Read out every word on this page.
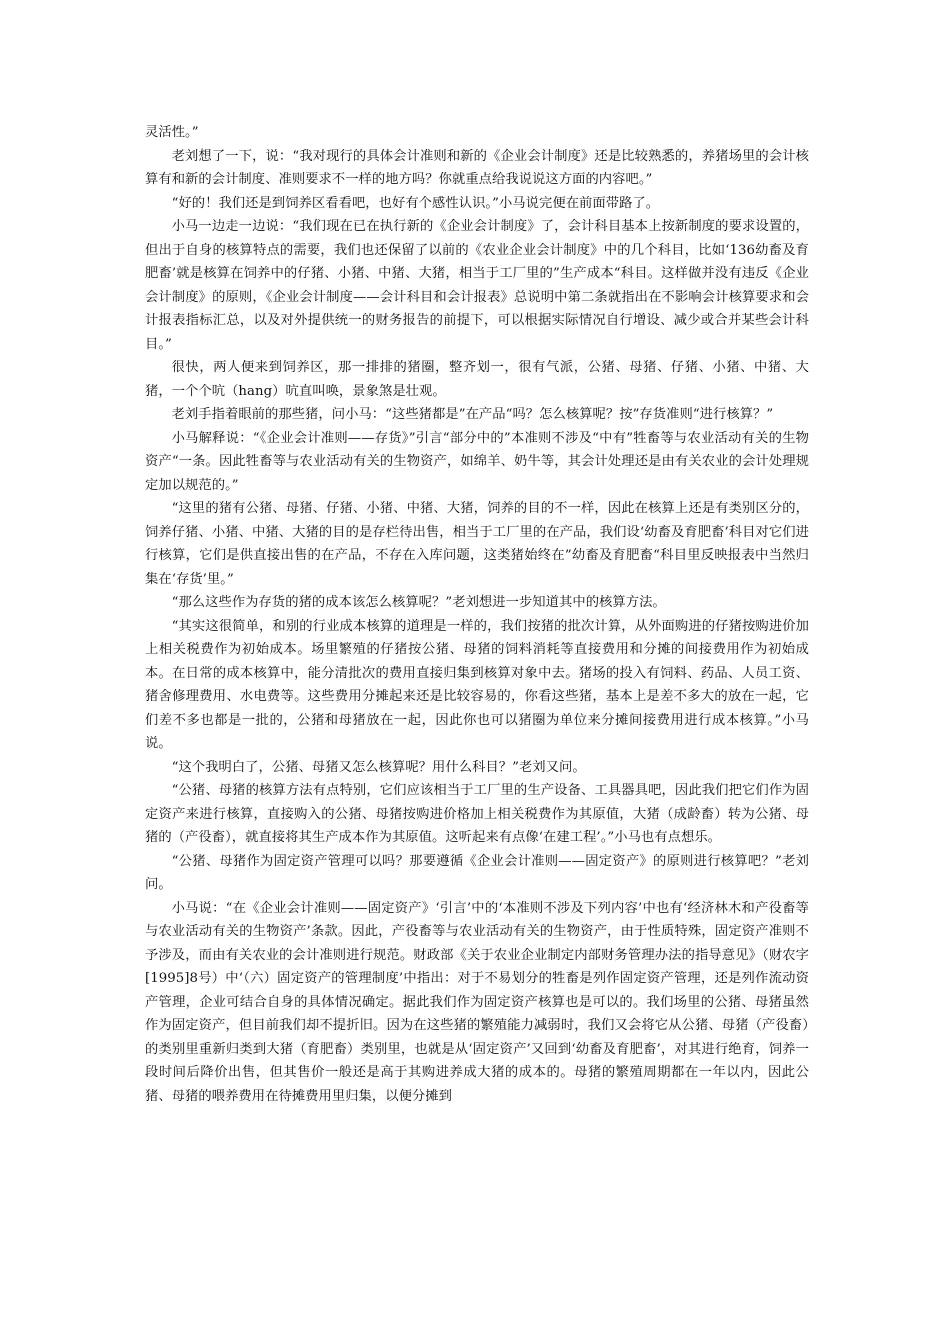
灵活性。”

老刘想了一下，说：“我对现行的具体会计准则和新的《企业会计制度》还是比较熟悉的，养猪场里的会计核算有和新的会计制度、准则要求不一样的地方吗？你就重点给我说说这方面的内容吧。”

“好的！我们还是到饲养区看看吧，也好有个感性认识。”小马说完便在前面带路了。

小马一边走一边说：“我们现在已在执行新的《企业会计制度》了，会计科目基本上按新制度的要求设置的，但出于自身的核算特点的需要，我们也还保留了以前的《农业企业会计制度》中的几个科目，比如‘136幼畜及育肥畜’就是核算在饲养中的仔猪、小猪、中猪、大猪，相当于工厂里的”生产成本“科目。这样做并没有违反《企业会计制度》的原则，《企业会计制度——会计科目和会计报表》总说明中第二条就指出在不影响会计核算要求和会计报表指标汇总，以及对外提供统一的财务报告的前提下，可以根据实际情况自行增设、减少或合并某些会计科目。”

很快，两人便来到饲养区，那一排排的猪圈，整齐划一，很有气派，公猪、母猪、仔猪、小猪、中猪、大猪，一个个吭（hang）吭直叫唤，景象煞是壮观。

老刘手指着眼前的那些猪，问小马：“这些猪都是”在产品“吗？怎么核算呢？按”存货准则“进行核算？”

小马解释说：“《企业会计准则——存货》”引言“部分中的”本准则不涉及“中有”牲畜等与农业活动有关的生物资产“一条。因此牲畜等与农业活动有关的生物资产，如绵羊、奶牛等，其会计处理还是由有关农业的会计处理规定加以规范的。”

“这里的猪有公猪、母猪、仔猪、小猪、中猪、大猪，饲养的目的不一样，因此在核算上还是有类别区分的，饲养仔猪、小猪、中猪、大猪的目的是存栏待出售，相当于工厂里的在产品，我们设‘幼畜及育肥畜’科目对它们进行核算，它们是供直接出售的在产品，不存在入库问题，这类猪始终在”幼畜及育肥畜“科目里反映报表中当然归集在‘存货’里。”

“那么这些作为存货的猪的成本该怎么核算呢？”老刘想进一步知道其中的核算方法。

“其实这很简单，和别的行业成本核算的道理是一样的，我们按猪的批次计算，从外面购进的仔猪按购进价加上相关税费作为初始成本。场里繁殖的仔猪按公猪、母猪的饲料消耗等直接费用和分摊的间接费用作为初始成本。在日常的成本核算中，能分清批次的费用直接归集到核算对象中去。猪场的投入有饲料、药品、人员工资、猪舍修理费用、水电费等。这些费用分摊起来还是比较容易的，你看这些猪，基本上是差不多大的放在一起，它们差不多也都是一批的，公猪和母猪放在一起，因此你也可以猪圈为单位来分摊间接费用进行成本核算。”小马说。

“这个我明白了，公猪、母猪又怎么核算呢？用什么科目？”老刘又问。

“公猪、母猪的核算方法有点特别，它们应该相当于工厂里的生产设备、工具器具吧，因此我们把它们作为固定资产来进行核算，直接购入的公猪、母猪按购进价格加上相关税费作为其原值，大猪（成龄畜）转为公猪、母猪的（产役畜），就直接将其生产成本作为其原值。这听起来有点像‘在建工程’。”小马也有点想乐。

“公猪、母猪作为固定资产管理可以吗？那要遵循《企业会计准则——固定资产》的原则进行核算吧？”老刘问。

小马说：“在《企业会计准则——固定资产》‘引言’中的‘本准则不涉及下列内容’中也有‘经济林木和产役畜等与农业活动有关的生物资产’条款。因此，产役畜等与农业活动有关的生物资产，由于性质特殊，固定资产准则不予涉及，而由有关农业的会计准则进行规范。财政部《关于农业企业制定内部财务管理办法的指导意见》（财农字[1995]8号）中‘（六）固定资产的管理制度’中指出：对于不易划分的牲畜是列作固定资产管理，还是列作流动资产管理，企业可结合自身的具体情况确定。据此我们作为固定资产核算也是可以的。我们场里的公猪、母猪虽然作为固定资产，但目前我们却不提折旧。因为在这些猪的繁殖能力减弱时，我们又会将它从公猪、母猪（产役畜）的类别里重新归类到大猪（育肥畜）类别里，也就是从‘固定资产’又回到‘幼畜及育肥畜’，对其进行绝育，饲养一段时间后降价出售，但其售价一般还是高于其购进养成大猪的成本的。母猪的繁殖周期都在一年以内，因此公猪、母猪的喂养费用在待摊费用里归集，以便分摊到
